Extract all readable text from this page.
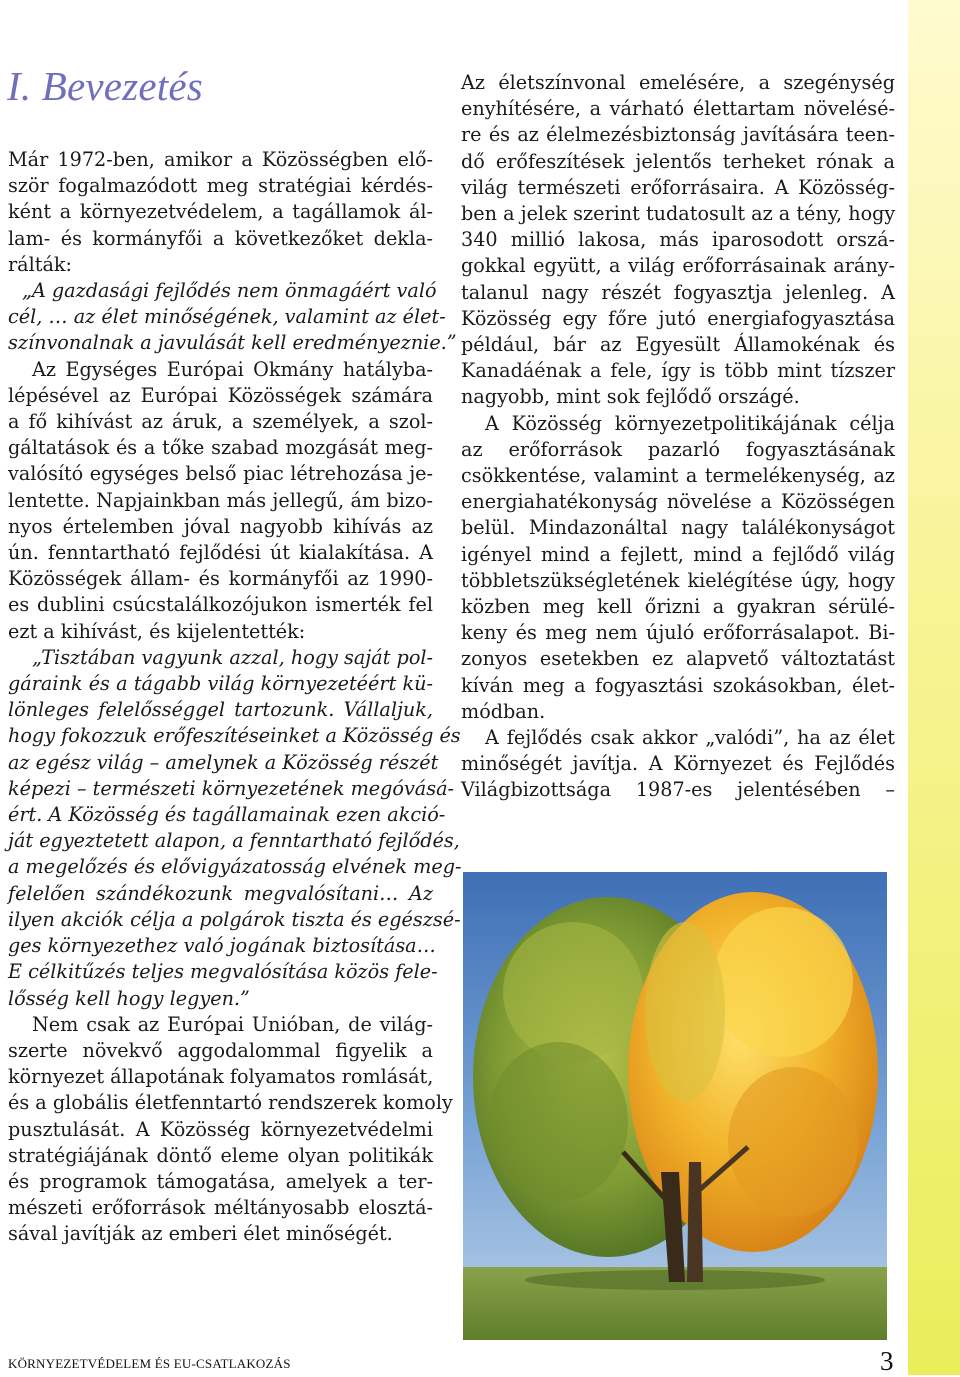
I. Bevezetés
Már 1972-ben, amikor a Közösségben elő-
ször fogalmazódott meg stratégiai kérdés-
ként a környezetvédelem, a tagállamok ál-
lam- és kormányfői a következőket dekla-
rálták:
„A gazdasági fejlődés nem önmagáért való
cél, … az élet minőségének, valamint az élet-
színvonalnak a javulását kell eredményeznie.”
Az Egységes Európai Okmány hatályba-
lépésével az Európai Közösségek számára
a fő kihívást az áruk, a személyek, a szol-
gáltatások és a tőke szabad mozgását meg-
valósító egységes belső piac létrehozása je-
lentette. Napjainkban más jellegű, ám bizo-
nyos értelemben jóval nagyobb kihívás az
ún. fenntartható fejlődési út kialakítása. A
Közösségek állam- és kormányfői az 1990-
es dublini csúcstalálkozójukon ismerték fel
ezt a kihívást, és kijelentették:
„Tisztában vagyunk azzal, hogy saját pol-
gáraink és a tágabb világ környezetéért kü-
lönleges felelősséggel tartozunk. Vállaljuk,
hogy fokozzuk erőfeszítéseinket a Közösség és
az egész világ – amelynek a Közösség részét
képezi – természeti környezetének megóvásá-
ért. A Közösség és tagállamainak ezen akció-
ját egyeztetett alapon, a fenntartható fejlődés,
a megelőzés és elővigyázatosság elvének meg-
felelően szándékozunk megvalósítani… Az
ilyen akciók célja a polgárok tiszta és egészsé-
ges környezethez való jogának biztosítása…
E célkitűzés teljes megvalósítása közös fele-
lősség kell hogy legyen.”
Nem csak az Európai Unióban, de világ-
szerte növekvő aggodalommal figyelik a
környezet állapotának folyamatos romlását,
és a globális életfenntartó rendszerek komoly
pusztulását. A Közösség környezetvédelmi
stratégiájának döntő eleme olyan politikák
és programok támogatása, amelyek a ter-
mészeti erőforrások méltányosabb elosztá-
sával javítják az emberi élet minőségét.
Az életszínvonal emelésére, a szegénység
enyhítésére, a várható élettartam növelésé-
re és az élelmezésbiztonság javítására teen-
dő erőfeszítések jelentős terheket rónak a
világ természeti erőforrásaira. A Közösség-
ben a jelek szerint tudatosult az a tény, hogy
340 millió lakosa, más iparosodott orszá-
gokkal együtt, a világ erőforrásainak arány-
talanul nagy részét fogyasztja jelenleg. A
Közösség egy főre jutó energiafogyasztása
például, bár az Egyesült Államokénak és
Kanadáénak a fele, így is több mint tízszer
nagyobb, mint sok fejlődő országé.
A Közösség környezetpolitikájának célja
az erőforrások pazarló fogyasztásának
csökkentése, valamint a termelékenység, az
energiahatékonyság növelése a Közösségen
belül. Mindazonáltal nagy találékonyságot
igényel mind a fejlett, mind a fejlődő világ
többletszükségletének kielégítése úgy, hogy
közben meg kell őrizni a gyakran sérülé-
keny és meg nem újuló erőforrásalapot. Bi-
zonyos esetekben ez alapvető változtatást
kíván meg a fogyasztási szokásokban, élet-
módban.
A fejlődés csak akkor „valódi”, ha az élet
minőségét javítja. A Környezet és Fejlődés
Világbizottsága 1987-es jelentésében –
KÖRNYEZETVÉDELEM ÉS EU-CSATLAKOZÁS	3
